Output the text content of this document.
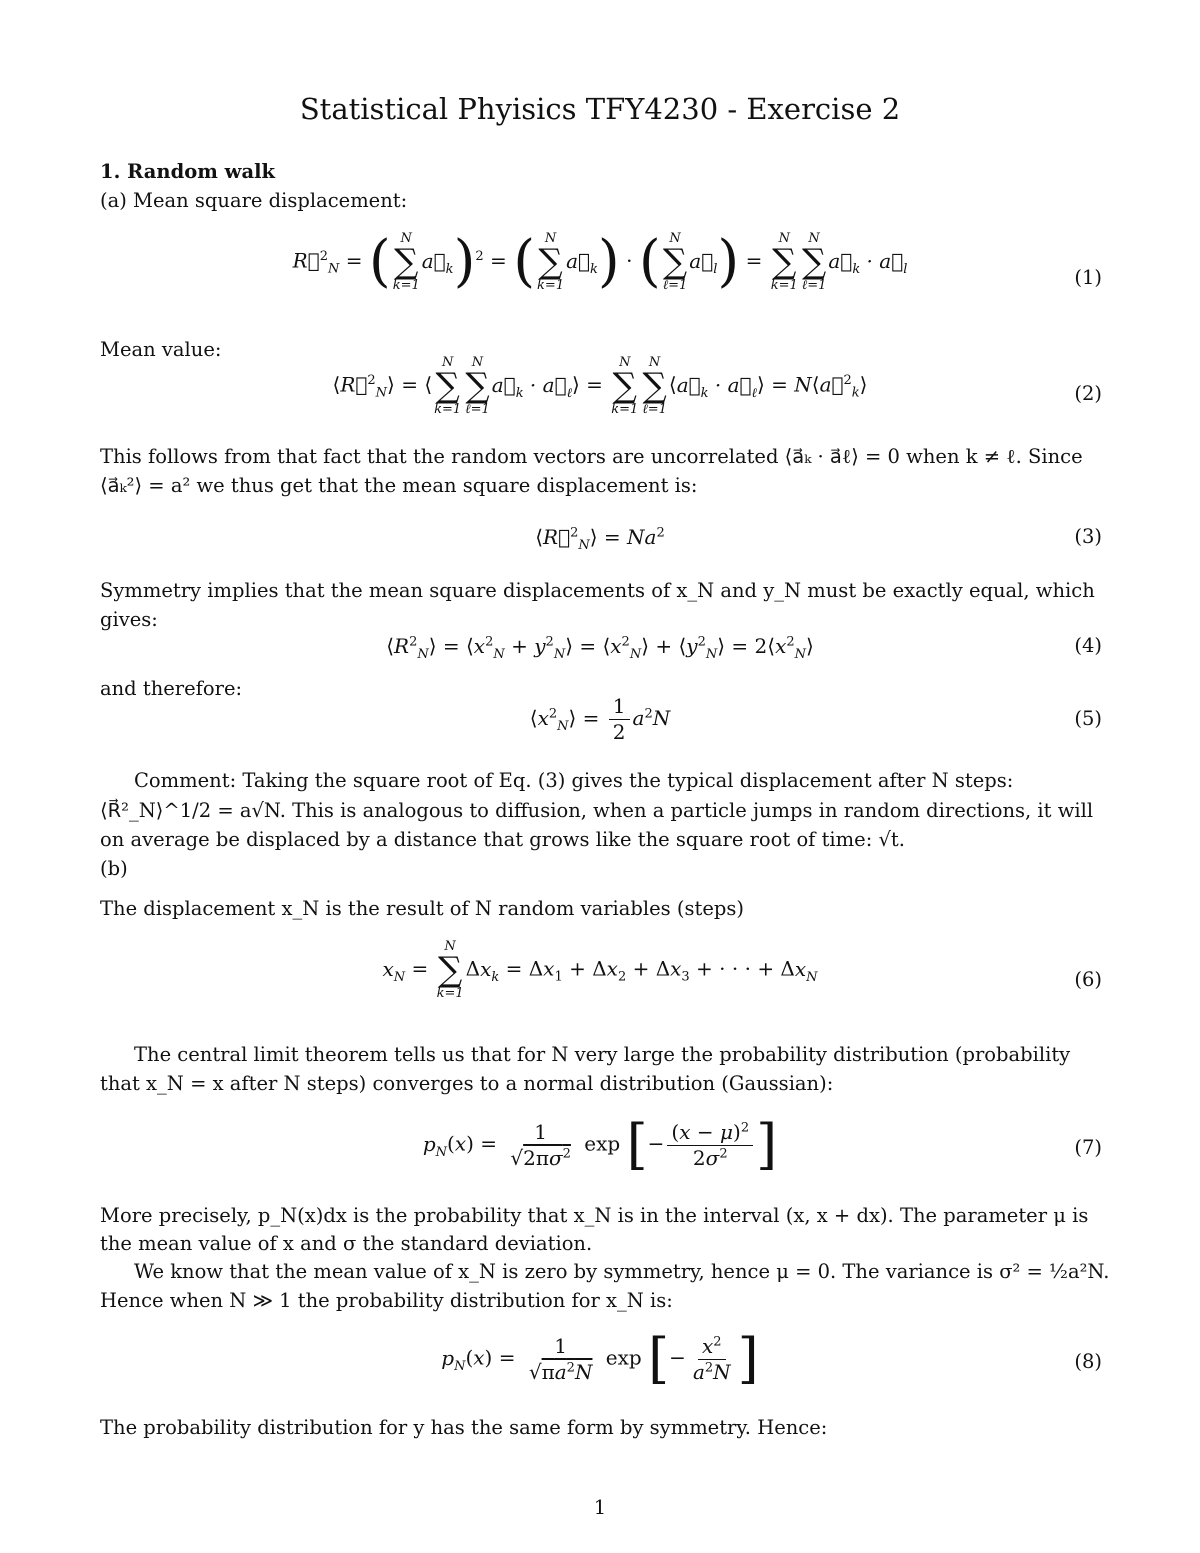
Statistical Phyisics TFY4230 - Exercise 2
1. Random walk
(a) Mean square displacement:
R⃗$^2_N$ = ( N
∑
k=1
$a⃗_k)^2$ = ( N
∑
k=1
$a⃗_k$) · ( N
∑
ℓ=1
$a⃗_l$) =
N
∑
k=1
N
∑
ℓ=1
$a⃗_k$ · $a⃗_l$	(1)
Mean value:
⟨R⃗$^2_N$⟩ = ⟨
N
∑
k=1
N
∑
ℓ=1
$a⃗_k$ · $a⃗_\ell⟩$ =
N
∑
k=1
N
∑
ℓ=1
$⟨a⃗_k$ · $a⃗_\ell⟩$ = N⟨a⃗$^2_k$⟩	(2)
This follows from that fact that the random vectors are uncorrelated ⟨a⃗ₖ · a⃗ℓ⟩ = 0 when k ≠ ℓ. Since
⟨a⃗ₖ²⟩ = a² we thus get that the mean square displacement is:
⟨R⃗$^2_N$⟩ = $Na^2$	(3)
Symmetry implies that the mean square displacements of x_N and y_N must be exactly equal, which
gives:
$⟨R^2_N⟩$ = $⟨x^2_N$ + $y^2_N⟩$ = $⟨x^2_N⟩$ + $⟨y^2_N⟩$ = $2⟨x^2_N⟩$	(4)
and therefore:
$⟨x^2_N⟩ = \frac{1}{2} a^2N$	(5)
Comment: Taking the square root of Eq. (3) gives the typical displacement after N steps:
⟨R⃗²_N⟩^1/2 = a√N. This is analogous to diffusion, when a particle jumps in random directions, it will
on average be displaced by a distance that grows like the square root of time: √t.
(b)
The displacement x_N is the result of N random variables (steps)
$x_N$ =
N
∑
k=1
$\Delta x_k = \Delta x_1 + \Delta x_2 + \Delta x_3$ + · · · + $\Delta x_N$	(6)
The central limit theorem tells us that for N very large the probability distribution (probability
that x_N = x after N steps) converges to a normal distribution (Gaussian):
$p_N(x) = \frac{1}{√2\pi\sigma^2}$ exp [− $\frac{(x - \mu)^2}{2\sigma^2}$ ]	(7)
More precisely, p_N(x)dx is the probability that x_N is in the interval (x, x + dx). The parameter μ is
the mean value of x and σ the standard deviation.
We know that the mean value of x_N is zero by symmetry, hence μ = 0. The variance is σ² = ½a²N.
Hence when N ≫ 1 the probability distribution for x_N is:
$p_N(x) = \frac{1}{√\pi a^2N}$ exp [− $\frac{x^2}{a^2N}$ ]	(8)
The probability distribution for y has the same form by symmetry. Hence:
1
